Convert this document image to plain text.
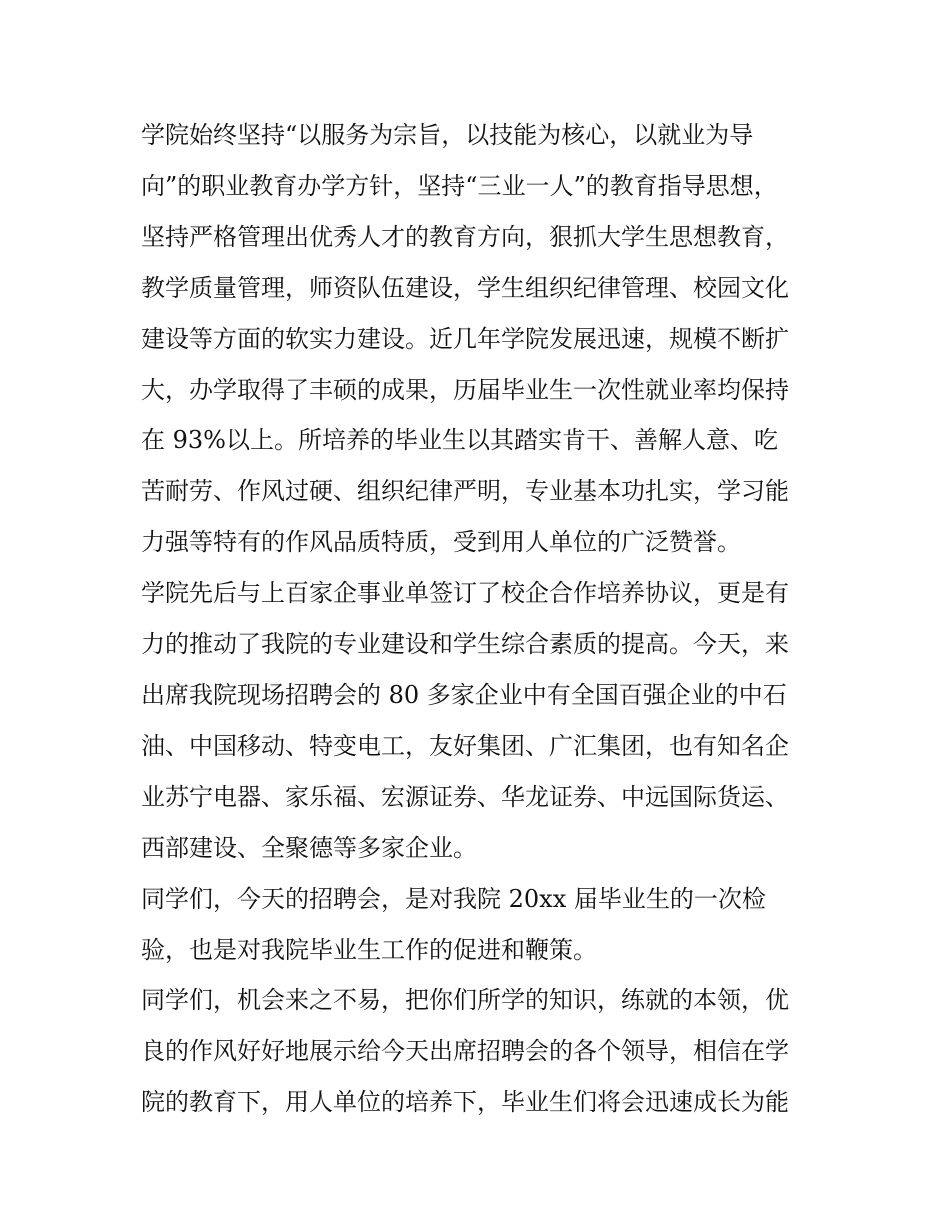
学院始终坚持“以服务为宗旨，以技能为核心，以就业为导
向”的职业教育办学方针，坚持“三业一人”的教育指导思想，
坚持严格管理出优秀人才的教育方向，狠抓大学生思想教育，
教学质量管理，师资队伍建设，学生组织纪律管理、校园文化
建设等方面的软实力建设。近几年学院发展迅速，规模不断扩
大，办学取得了丰硕的成果，历届毕业生一次性就业率均保持
在 93%以上。所培养的毕业生以其踏实肯干、善解人意、吃
苦耐劳、作风过硬、组织纪律严明，专业基本功扎实，学习能
力强等特有的作风品质特质，受到用人单位的广泛赞誉。
学院先后与上百家企事业单签订了校企合作培养协议，更是有
力的推动了我院的专业建设和学生综合素质的提高。今天，来
出席我院现场招聘会的 80 多家企业中有全国百强企业的中石
油、中国移动、特变电工，友好集团、广汇集团，也有知名企
业苏宁电器、家乐福、宏源证券、华龙证券、中远国际货运、
西部建设、全聚德等多家企业。
同学们，今天的招聘会，是对我院 20xx 届毕业生的一次检
验，也是对我院毕业生工作的促进和鞭策。
同学们，机会来之不易，把你们所学的知识，练就的本领，优
良的作风好好地展示给今天出席招聘会的各个领导，相信在学
院的教育下，用人单位的培养下，毕业生们将会迅速成长为能
